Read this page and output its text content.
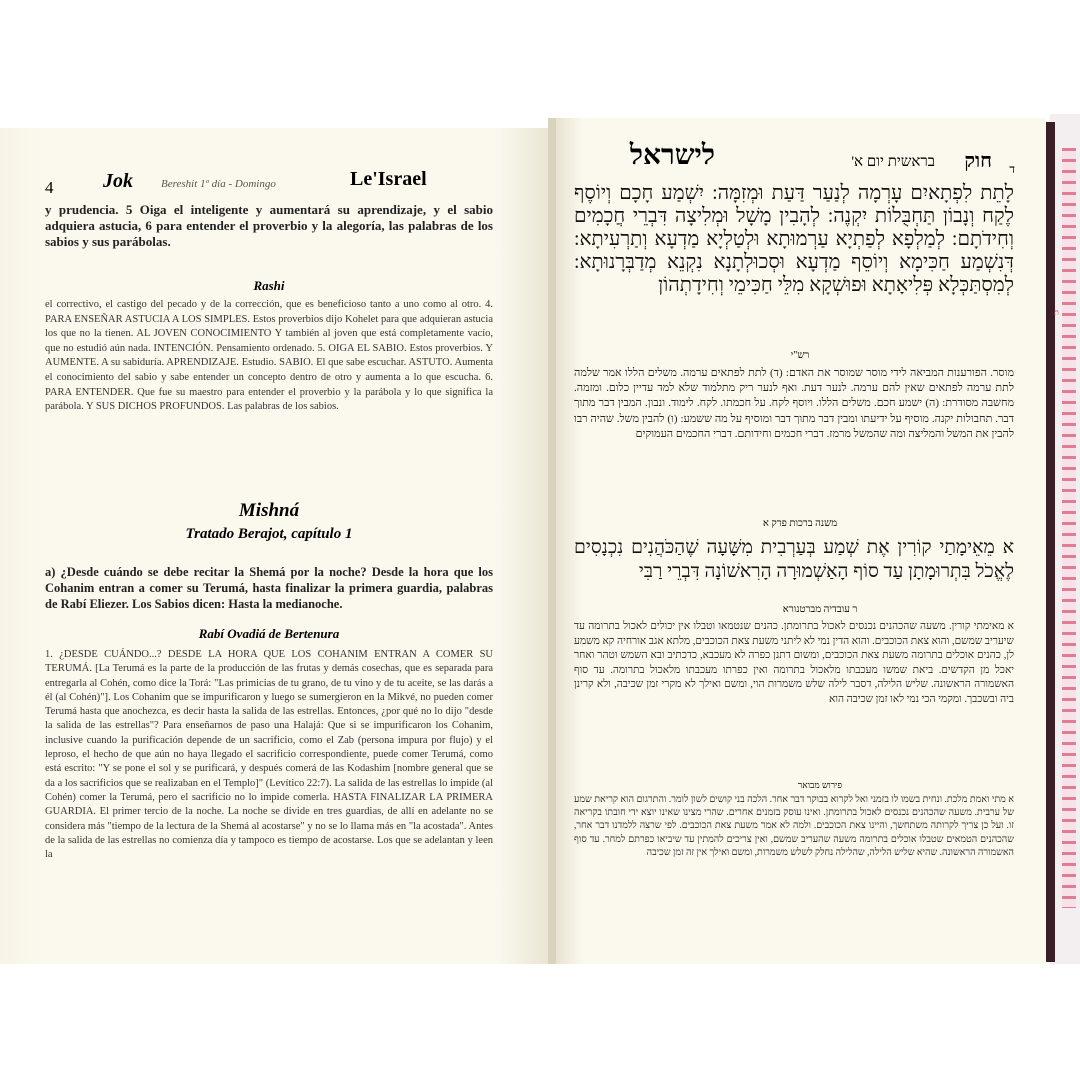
4 Jok	Bereshit 1º día - Domingo	Le'Israel
y prudencia. 5 Oiga el inteligente y aumentará su aprendizaje, y el sabio adquiera astucia, 6 para entender el proverbio y la alegoría, las palabras de los sabios y sus parábolas.
Rashi
el correctivo, el castigo del pecado y de la corrección, que es beneficioso tanto a uno como al otro. 4. PARA ENSEÑAR ASTUCIA A LOS SIMPLES. Estos proverbios dijo Kohelet para que adquieran astucia los que no la tienen. AL JOVEN CONOCIMIENTO Y también al joven que está completamente vacío, que no estudió aún nada. INTENCIÓN. Pensamiento ordenado. 5. OIGA EL SABIO. Estos proverbios. Y AUMENTE. A su sabiduría. APRENDIZAJE. Estudio. SABIO. El que sabe escuchar. ASTUTO. Aumenta el conocimiento del sabio y sabe entender un concepto dentro de otro y aumenta a lo que escucha. 6. PARA ENTENDER. Que fue su maestro para entender el proverbio y la parábola y lo que significa la parábola. Y SUS DICHOS PROFUNDOS. Las palabras de los sabios.
Mishná
Tratado Berajot, capítulo 1
a) ¿Desde cuándo se debe recitar la Shemá por la noche? Desde la hora que los Cohanim entran a comer su Terumá, hasta finalizar la primera guardia, palabras de Rabí Eliezer. Los Sabios dicen: Hasta la medianoche.
Rabí Ovadiá de Bertenura
1. ¿DESDE CUÁNDO...? DESDE LA HORA QUE LOS COHANIM ENTRAN A COMER SU TERUMÁ. [La Terumá es la parte de la producción de las frutas y demás cosechas, que es separada para entregarla al Cohén, como dice la Torá: "Las primicias de tu grano, de tu vino y de tu aceite, se las darás a él (al Cohén)"]. Los Cohanim que se impurificaron y luego se sumergieron en la Mikvé, no pueden comer Terumá hasta que anochezca, es decir hasta la salida de las estrellas. Entonces, ¿por qué no lo dijo "desde la salida de las estrellas"? Para enseñarnos de paso una Halajá: Que si se impurificaron los Cohanim, inclusive cuando la purificación depende de un sacrificio, como el Zab (persona impura por flujo) y el leproso, el hecho de que aún no haya llegado el sacrificio correspondiente, puede comer Terumá, como está escrito: "Y se pone el sol y se purificará, y después comerá de las Kodashim [nombre general que se da a los sacrificios que se realizaban en el Templo]" (Levítico 22:7). La salida de las estrellas lo impide (al Cohén) comer la Terumá, pero el sacrificio no lo impide comerla. HASTA FINALIZAR LA PRIMERA GUARDIA. El primer tercio de la noche. La noche se divide en tres guardias, de allí en adelante no se considera más "tiempo de la lectura de la Shemá al acostarse" y no se lo llama más en "la acostada". Antes de la salida de las estrellas no comienza día y tampoco es tiempo de acostarse. Los que se adelantan y leen la
ד
חוק
בראשית יום א'
לישראל
לָתֵת לִפְתָאיִם עָרְמָה לְנַעַר דַּעַת וּמְזִמָּה: יִשְׁמַע חָכָם וְיוֹסֶף לֶקַח וְנָבוֹן תַּחְבֻּלוֹת יִקְנֶה: לְהָבִין מָשָׁל וּמְלִיצָה דִּבְרֵי חֲכָמִים וְחִידֹתָם: לְמַלְפָא לְפַתְיָא עַרְמוּתָא וּלְטַלְיָא מַדְעָא וְתַרְעִיתָא: דְּנִשְׁמַע חַכִּימָא וְיוֹסֵף מַדְעָא וּסְכוּלְתָנָא נִקְנֵא מְדַבְּרָנוּתָא: לְמִסְתַּכְּלָא פְּלִיאָתָא וּפוּשְׁקָא מִלֵּי חַכִּימֵי וְחִידָתְהוֹן
רש"י
מוסר. הפורענות המביאה לידי מוסר שמוסר את האדם: (ד) לתת לפתאים ערמה. משלים הללו אמר שלמה לתת ערמה לפתאים שאין להם ערמה. לנער דעת. ואף לנער ריק מתלמוד שלא למד עדיין כלום. ומזמה. מחשבה מסודרת: (ה) ישמע חכם. משלים הללו. ויוסף לקח. על חכמתו. לקח. לימוד. ונבון. המבין דבר מתוך דבר. תחבולות יקנה. מוסיף על ידיעתו ומבין דבר מתוך דבר ומוסיף על מה ששמע: (ו) להבין משל. שהיה רבו להבין את המשל והמליצה ומה שהמשל מרמז. דברי חכמים וחידותם. דברי החכמים העמוקים
משנה ברכות פרק א
א מֵאֵימָתַי קוֹרִין אֶת שְׁמַע בְּעַרְבִית מִשָּׁעָה שֶׁהַכֹּהֲנִים נִכְנָסִים לֶאֱכֹל בִּתְרוּמָתָן עַד סוֹף הָאַשְׁמוּרָה הָרִאשׁוֹנָה דִּבְרֵי רַבִּי
ר עובדיה מברטנורא
א מאימתי קורין. משעה שהכהנים נכנסים לאכול בתרומתן. כהנים שנטמאו וטבלו אין יכולים לאכול בתרומה עד שיעריב שמשם, והוא צאת הכוכבים. והוא הדין נמי לא ליתני משעת צאת הכוכבים, מלתא אגב אורחיה קא משמע לן, כהנים אוכלים בתרומה משעת צאת הכוכבים, ומשום דתנן כפרה לא מעכבא, כדכתיב ובא השמש וטהר ואחר יאכל מן הקדשים. ביאת שמשו מעכבתו מלאכול בתרומה ואין כפרתו מעכבתו מלאכול בתרומה. עד סוף האשמורה הראשונה. שליש הלילה, דסבר לילה שלש משמרות הוי, ומשם ואילך לא מקרי זמן שכיבה, ולא קרינן ביה ובשכבך. ומקמי הכי נמי לאו זמן שכיבה הוא
פירוש מבואר
א מתי ואמת מלכת. ונחית בשמו לו בזמני ואל לקרוא בבוקר דבר אחר. הלכה בני קושים לשון לומר. והתרגום הוא קריאת שמע של ערבית. משעה שהכהנים נכנסים לאכול בתרומתן. ואינו עוסק בזמנים אחרים. שהרי מצינו שאינו יוצא ידי חובתו בקריאה זו. ועל כן צריך לקרותה משתחשך, והיינו צאת הכוכבים. ולמה לא אמר משעת צאת הכוכבים. לפי שרצה ללמדנו דבר אחר, שהכהנים הטמאים שטבלו אוכלים בתרומה משעה שהעריב שמשם, ואין צריכים להמתין עד שיביאו כפרתם למחר. עד סוף האשמורה הראשונה. שהיא שליש הלילה, שהלילה נחלק לשלש משמרות, ומשם ואילך אין זה זמן שכיבה
ת
